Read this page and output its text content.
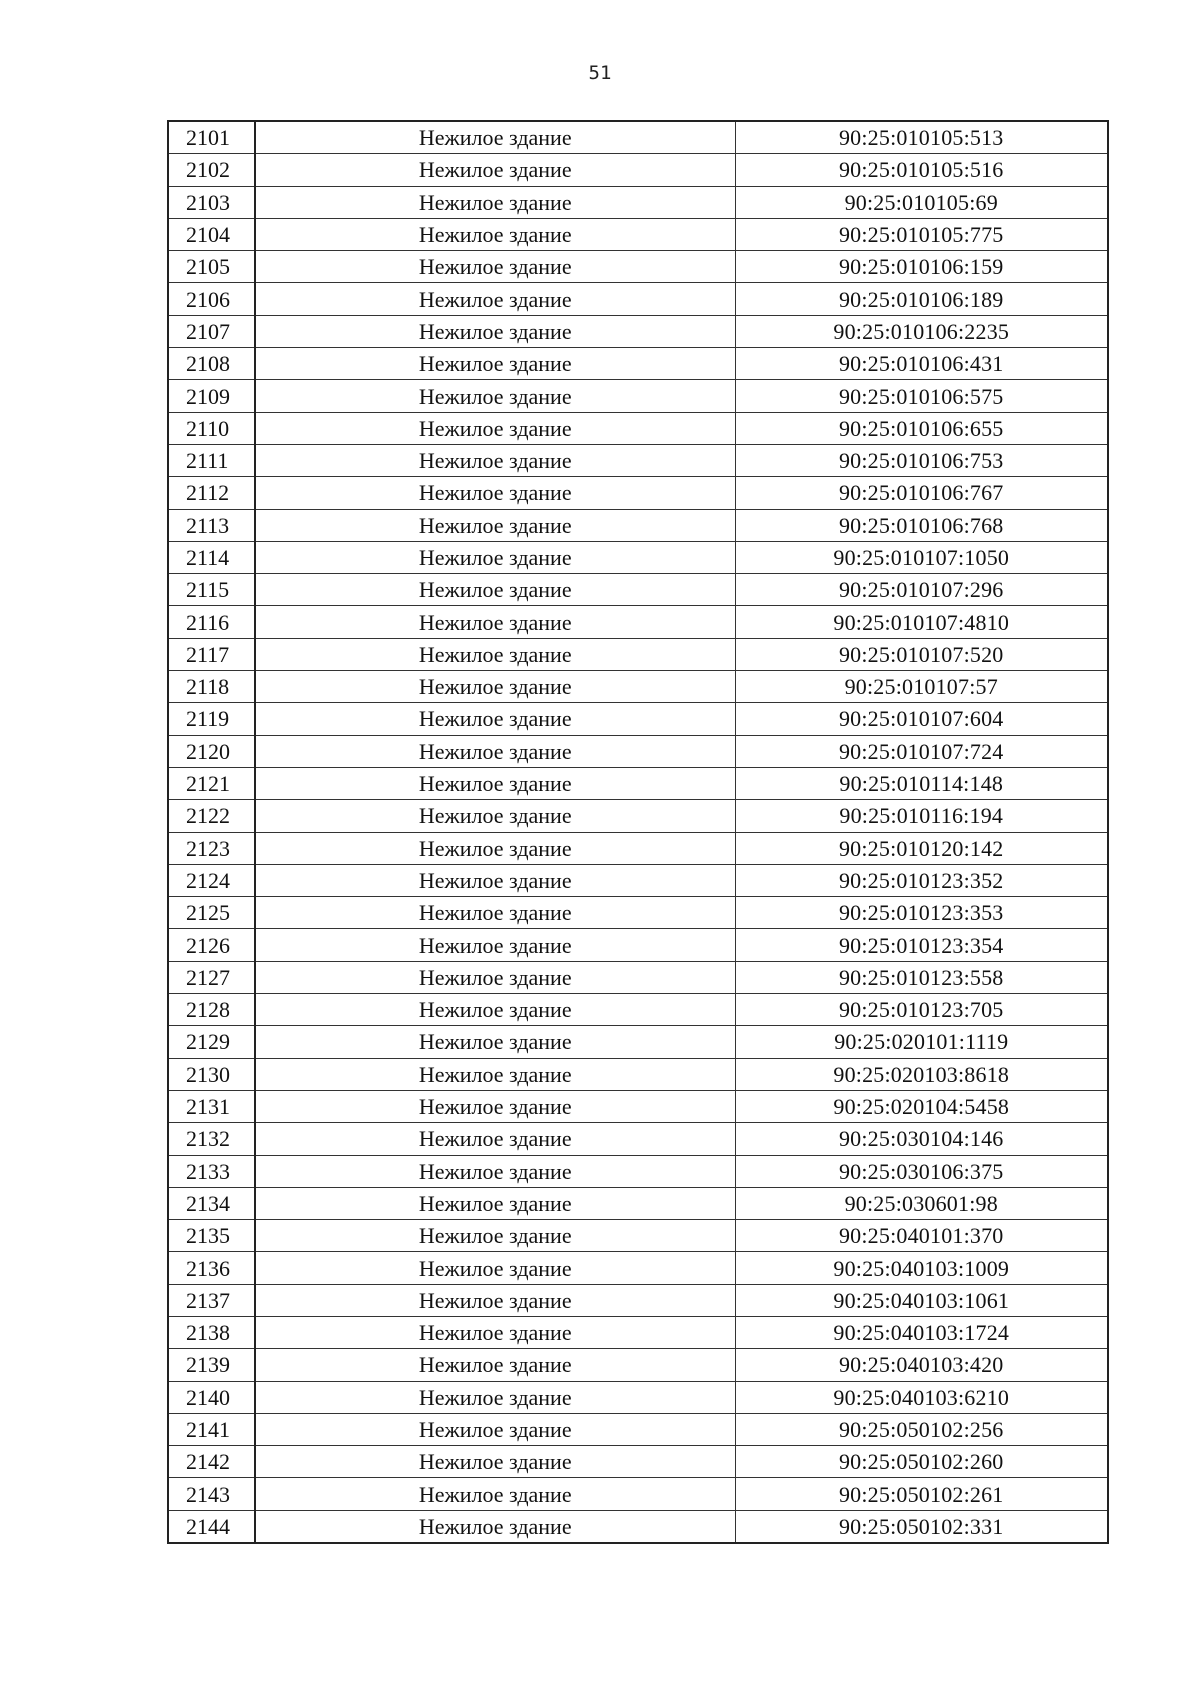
51
2101	Нежилое здание	90:25:010105:513
2102	Нежилое здание	90:25:010105:516
2103	Нежилое здание	90:25:010105:69
2104	Нежилое здание	90:25:010105:775
2105	Нежилое здание	90:25:010106:159
2106	Нежилое здание	90:25:010106:189
2107	Нежилое здание	90:25:010106:2235
2108	Нежилое здание	90:25:010106:431
2109	Нежилое здание	90:25:010106:575
2110	Нежилое здание	90:25:010106:655
2111	Нежилое здание	90:25:010106:753
2112	Нежилое здание	90:25:010106:767
2113	Нежилое здание	90:25:010106:768
2114	Нежилое здание	90:25:010107:1050
2115	Нежилое здание	90:25:010107:296
2116	Нежилое здание	90:25:010107:4810
2117	Нежилое здание	90:25:010107:520
2118	Нежилое здание	90:25:010107:57
2119	Нежилое здание	90:25:010107:604
2120	Нежилое здание	90:25:010107:724
2121	Нежилое здание	90:25:010114:148
2122	Нежилое здание	90:25:010116:194
2123	Нежилое здание	90:25:010120:142
2124	Нежилое здание	90:25:010123:352
2125	Нежилое здание	90:25:010123:353
2126	Нежилое здание	90:25:010123:354
2127	Нежилое здание	90:25:010123:558
2128	Нежилое здание	90:25:010123:705
2129	Нежилое здание	90:25:020101:1119
2130	Нежилое здание	90:25:020103:8618
2131	Нежилое здание	90:25:020104:5458
2132	Нежилое здание	90:25:030104:146
2133	Нежилое здание	90:25:030106:375
2134	Нежилое здание	90:25:030601:98
2135	Нежилое здание	90:25:040101:370
2136	Нежилое здание	90:25:040103:1009
2137	Нежилое здание	90:25:040103:1061
2138	Нежилое здание	90:25:040103:1724
2139	Нежилое здание	90:25:040103:420
2140	Нежилое здание	90:25:040103:6210
2141	Нежилое здание	90:25:050102:256
2142	Нежилое здание	90:25:050102:260
2143	Нежилое здание	90:25:050102:261
2144	Нежилое здание	90:25:050102:331
